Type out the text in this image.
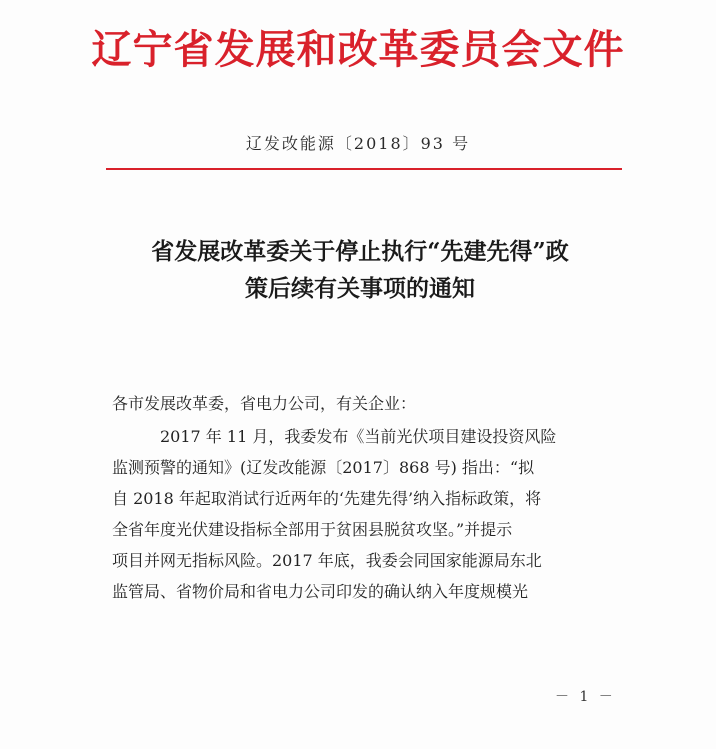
辽宁省发展和改革委员会文件
辽发改能源〔2018〕93 号
省发展改革委关于停止执行“先建先得”政
策后续有关事项的通知
各市发展改革委，省电力公司，有关企业：
2017 年 11 月，我委发布《当前光伏项目建设投资风险
监测预警的通知》(辽发改能源〔2017〕868 号) 指出：“拟
自 2018 年起取消试行近两年的‘先建先得’纳入指标政策，将
全省年度光伏建设指标全部用于贫困县脱贫攻坚。”并提示
项目并网无指标风险。2017 年底，我委会同国家能源局东北
监管局、省物价局和省电力公司印发的确认纳入年度规模光
－ 1 －
